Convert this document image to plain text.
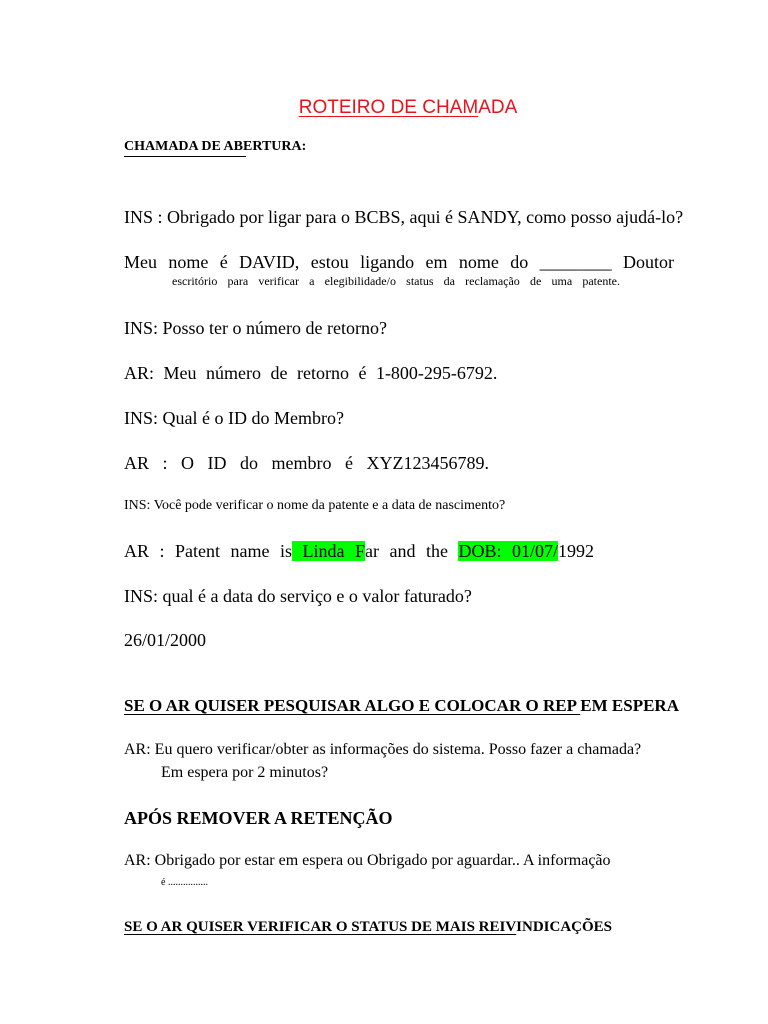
ROTEIRO DE CHAMADA
CHAMADA DE ABERTURA:
INS : Obrigado por ligar para o BCBS, aqui é SANDY, como posso ajudá-lo?
Meu nome é DAVID, estou ligando em nome do ________ Doutor
escritório para verificar a elegibilidade/o status da reclamação de uma patente.
INS: Posso ter o número de retorno?
AR: Meu número de retorno é 1-800-295-6792.
INS: Qual é o ID do Membro?
AR : O ID do membro é XYZ123456789.
INS: Você pode verificar o nome da patente e a data de nascimento?
AR : Patent name is Linda Far and the DOB: 01/07/1992
INS: qual é a data do serviço e o valor faturado?
26/01/2000
SE O AR QUISER PESQUISAR ALGO E COLOCAR O REP EM ESPERA
AR: Eu quero verificar/obter as informações do sistema. Posso fazer a chamada?
Em espera por 2 minutos?
APÓS REMOVER A RETENÇÃO
AR: Obrigado por estar em espera ou Obrigado por aguardar.. A informação
é ................
SE O AR QUISER VERIFICAR O STATUS DE MAIS REIVINDICAÇÕES
